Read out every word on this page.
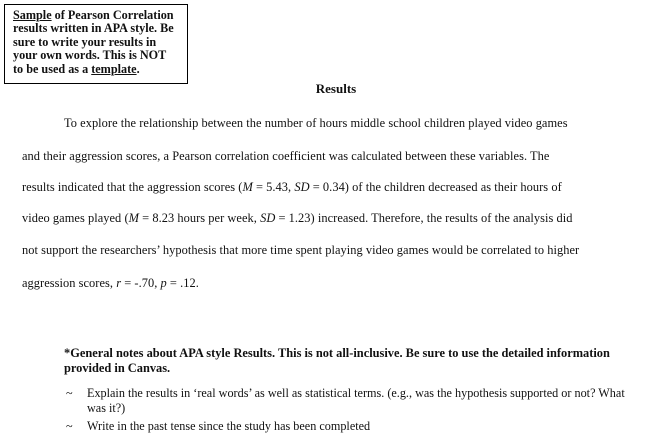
Sample of Pearson Correlation
results written in APA style. Be
sure to write your results in
your own words. This is NOT
to be used as a template.
Results
To explore the relationship between the number of hours middle school children played video games
and their aggression scores, a Pearson correlation coefficient was calculated between these variables. The
results indicated that the aggression scores (M = 5.43, SD = 0.34) of the children decreased as their hours of
video games played (M = 8.23 hours per week, SD = 1.23) increased. Therefore, the results of the analysis did
not support the researchers’ hypothesis that more time spent playing video games would be correlated to higher
aggression scores, r = -.70, p = .12.
*General notes about APA style Results. This is not all-inclusive. Be sure to use the detailed information provided in Canvas.
~ Explain the results in ‘real words’ as well as statistical terms. (e.g., was the hypothesis supported or not? What was it?)
~ Write in the past tense since the study has been completed
